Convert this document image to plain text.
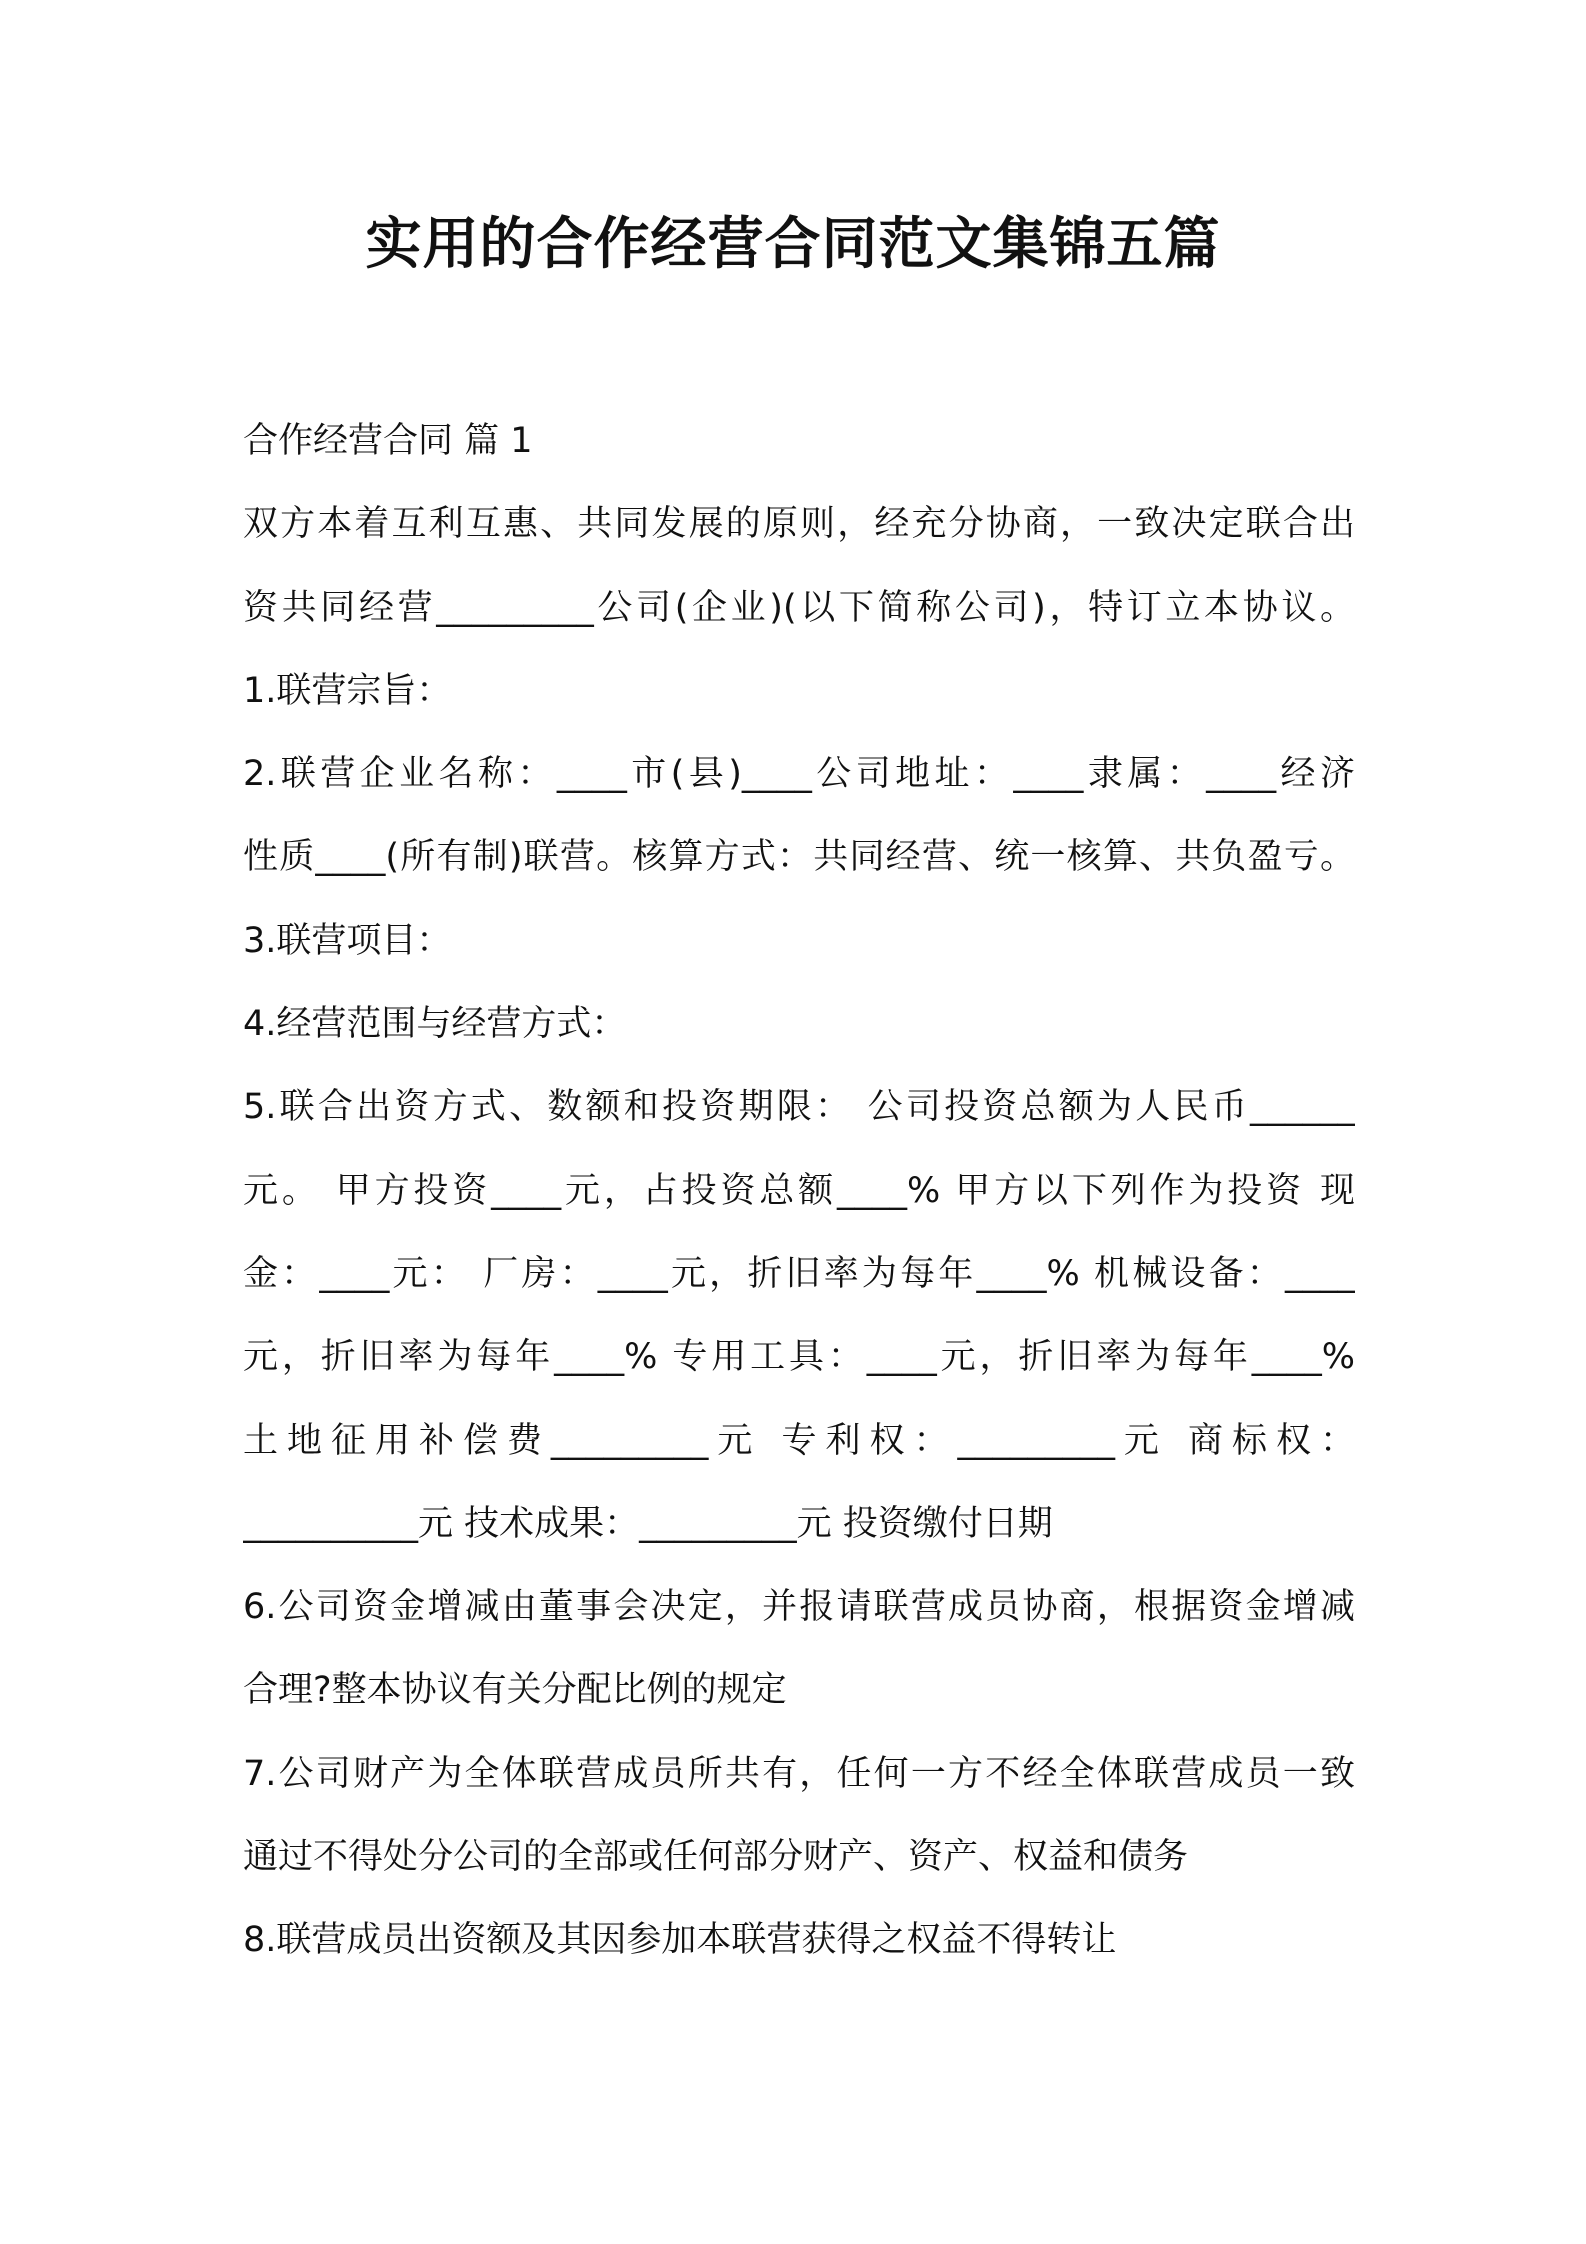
实用的合作经营合同范文集锦五篇
合作经营合同 篇 1
双方本着互利互惠、共同发展的原则，经充分协商，一致决定联合出
资共同经营_________公司(企业)(以下简称公司)，特订立本协议。
1.联营宗旨：
2.联营企业名称：____市(县)____公司地址：____隶属：____经济
性质____(所有制)联营。核算方式：共同经营、统一核算、共负盈亏。
3.联营项目：
4.经营范围与经营方式：
5.联合出资方式、数额和投资期限： 公司投资总额为人民币______
元。 甲方投资____元，占投资总额____% 甲方以下列作为投资 现
金：____元： 厂房：____元，折旧率为每年____% 机械设备：____
元，折旧率为每年____% 专用工具：____元，折旧率为每年____%
土地征用补偿费_________元 专利权：_________元 商标权：
__________元 技术成果：_________元 投资缴付日期
6.公司资金增减由董事会决定，并报请联营成员协商，根据资金增减
合理?整本协议有关分配比例的规定
7.公司财产为全体联营成员所共有，任何一方不经全体联营成员一致
通过不得处分公司的全部或任何部分财产、资产、权益和债务
8.联营成员出资额及其因参加本联营获得之权益不得转让
